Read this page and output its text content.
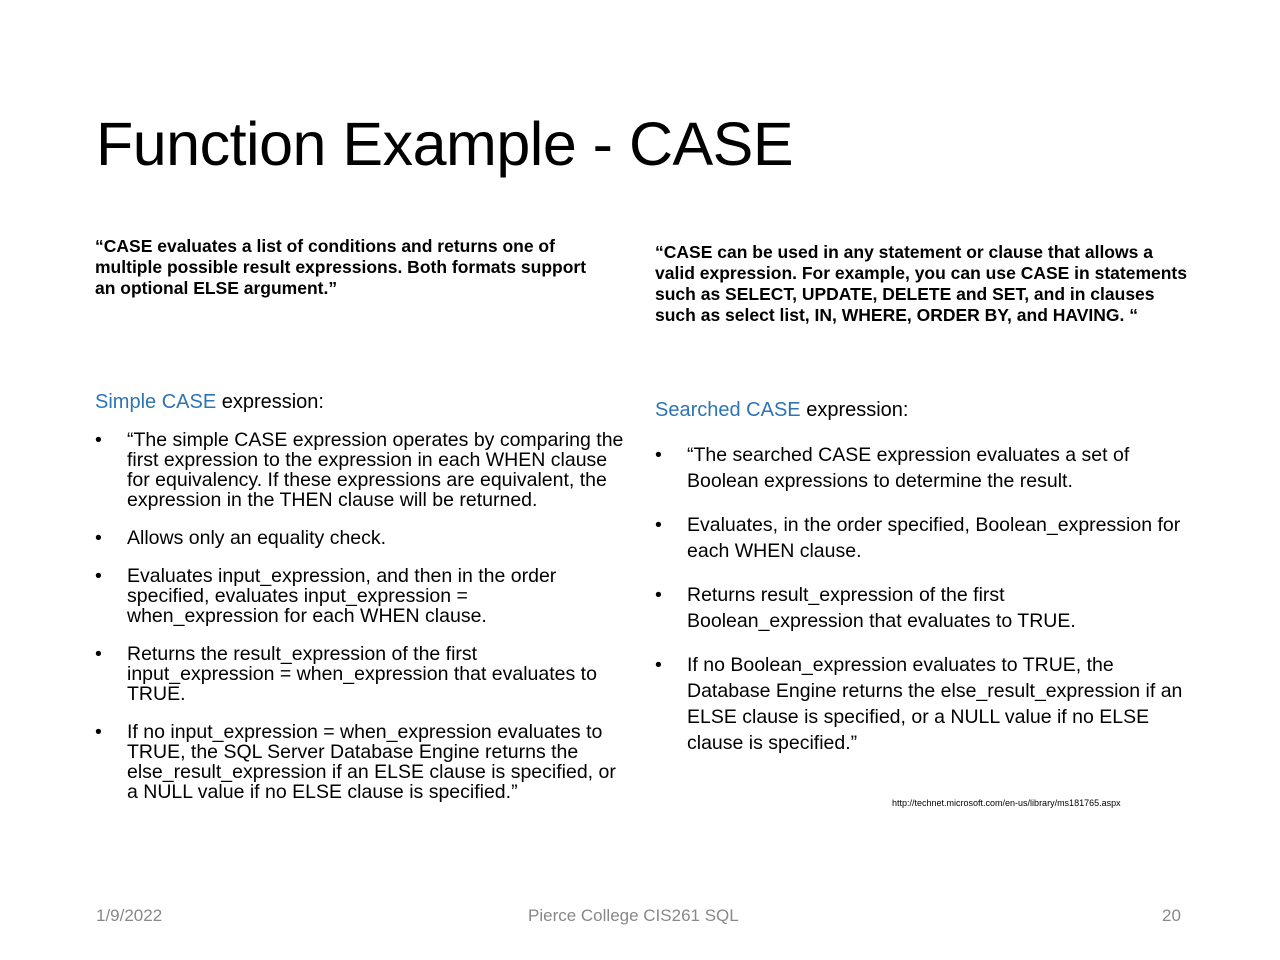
Function Example - CASE

“CASE evaluates a list of conditions and returns one of multiple possible result expressions. Both formats support an optional ELSE argument.”

“CASE can be used in any statement or clause that allows a valid expression. For example, you can use CASE in statements such as SELECT, UPDATE, DELETE and SET, and in clauses such as select list, IN, WHERE, ORDER BY, and HAVING. “

Simple CASE expression:	Searched CASE expression:

• “The simple CASE expression operates by comparing the first expression to the expression in each WHEN clause for equivalency. If these expressions are equivalent, the expression in the THEN clause will be returned.
• Allows only an equality check.
• Evaluates input_expression, and then in the order specified, evaluates input_expression = when_expression for each WHEN clause.
• Returns the result_expression of the first input_expression = when_expression that evaluates to TRUE.
• If no input_expression = when_expression evaluates to TRUE, the SQL Server Database Engine returns the else_result_expression if an ELSE clause is specified, or a NULL value if no ELSE clause is specified.”
• “The searched CASE expression evaluates a set of Boolean expressions to determine the result.
• Evaluates, in the order specified, Boolean_expression for each WHEN clause.
• Returns result_expression of the first Boolean_expression that evaluates to TRUE.
• If no Boolean_expression evaluates to TRUE, the Database Engine returns the else_result_expression if an ELSE clause is specified, or a NULL value if no ELSE clause is specified.”

http://technet.microsoft.com/en-us/library/ms181765.aspx

1/9/2022	Pierce College CIS261 SQL	20
